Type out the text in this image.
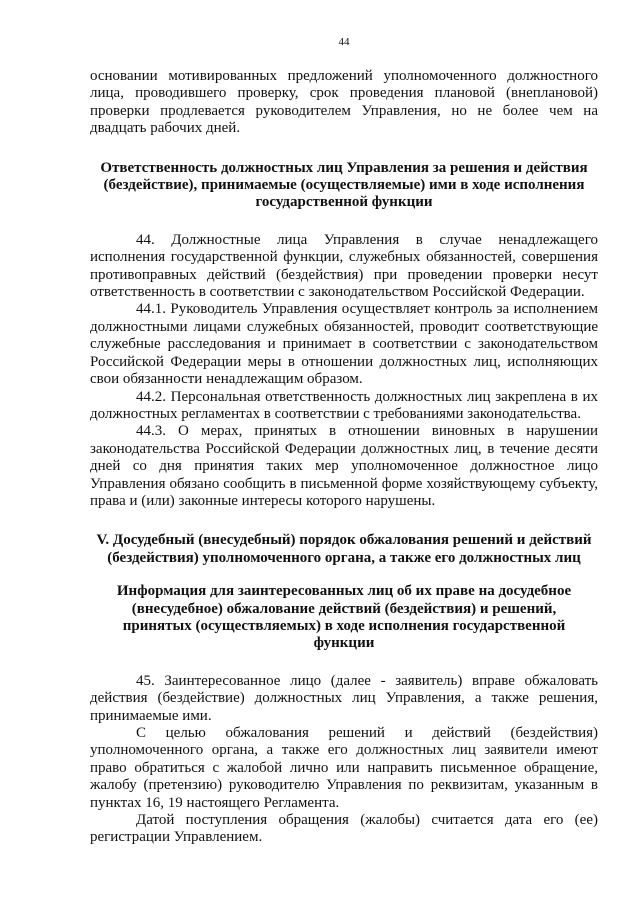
44

основании мотивированных предложений уполномоченного должностного лица, проводившего проверку, срок проведения плановой (внеплановой) проверки продлевается руководителем Управления, но не более чем на двадцать рабочих дней.

Ответственность должностных лиц Управления за решения и действия (бездействие), принимаемые (осуществляемые) ими в ходе исполнения государственной функции

44. Должностные лица Управления в случае ненадлежащего исполнения государственной функции, служебных обязанностей, совершения противоправных действий (бездействия) при проведении проверки несут ответственность в соответствии с законодательством Российской Федерации.

44.1. Руководитель Управления осуществляет контроль за исполнением должностными лицами служебных обязанностей, проводит соответствующие служебные расследования и принимает в соответствии с законодательством Российской Федерации меры в отношении должностных лиц, исполняющих свои обязанности ненадлежащим образом.

44.2. Персональная ответственность должностных лиц закреплена в их должностных регламентах в соответствии с требованиями законодательства.

44.3. О мерах, принятых в отношении виновных в нарушении законодательства Российской Федерации должностных лиц, в течение десяти дней со дня принятия таких мер уполномоченное должностное лицо Управления обязано сообщить в письменной форме хозяйствующему субъекту, права и (или) законные интересы которого нарушены.

V. Досудебный (внесудебный) порядок обжалования решений и действий (бездействия) уполномоченного органа, а также его должностных лиц
Информация для заинтересованных лиц об их праве на досудебное (внесудебное) обжалование действий (бездействия) и решений, принятых (осуществляемых) в ходе исполнения государственной функции

45. Заинтересованное лицо (далее - заявитель) вправе обжаловать действия (бездействие) должностных лиц Управления, а также решения, принимаемые ими.

С целью обжалования решений и действий (бездействия) уполномоченного органа, а также его должностных лиц заявители имеют право обратиться с жалобой лично или направить письменное обращение, жалобу (претензию) руководителю Управления по реквизитам, указанным в пунктах 16, 19 настоящего Регламента.

Датой поступления обращения (жалобы) считается дата его (ее) регистрации Управлением.
